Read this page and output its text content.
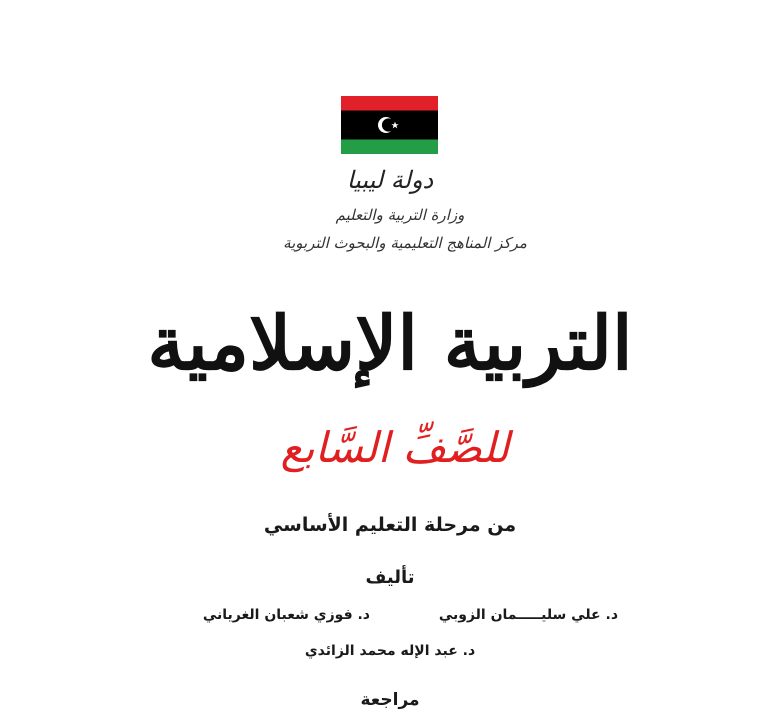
دولة ليبيا
وزارة التربية والتعليم
مركز المناهج التعليمية والبحوث التربوية
التربية الإسلامية
للصَّفِّ السَّابع
من مرحلة التعليم الأساسي
تأليف
د. علي سليـــــمان الزوبي
د. فوزي شعبان الغرياني
د. عبد الإله محمد الزائدي
مراجعة
